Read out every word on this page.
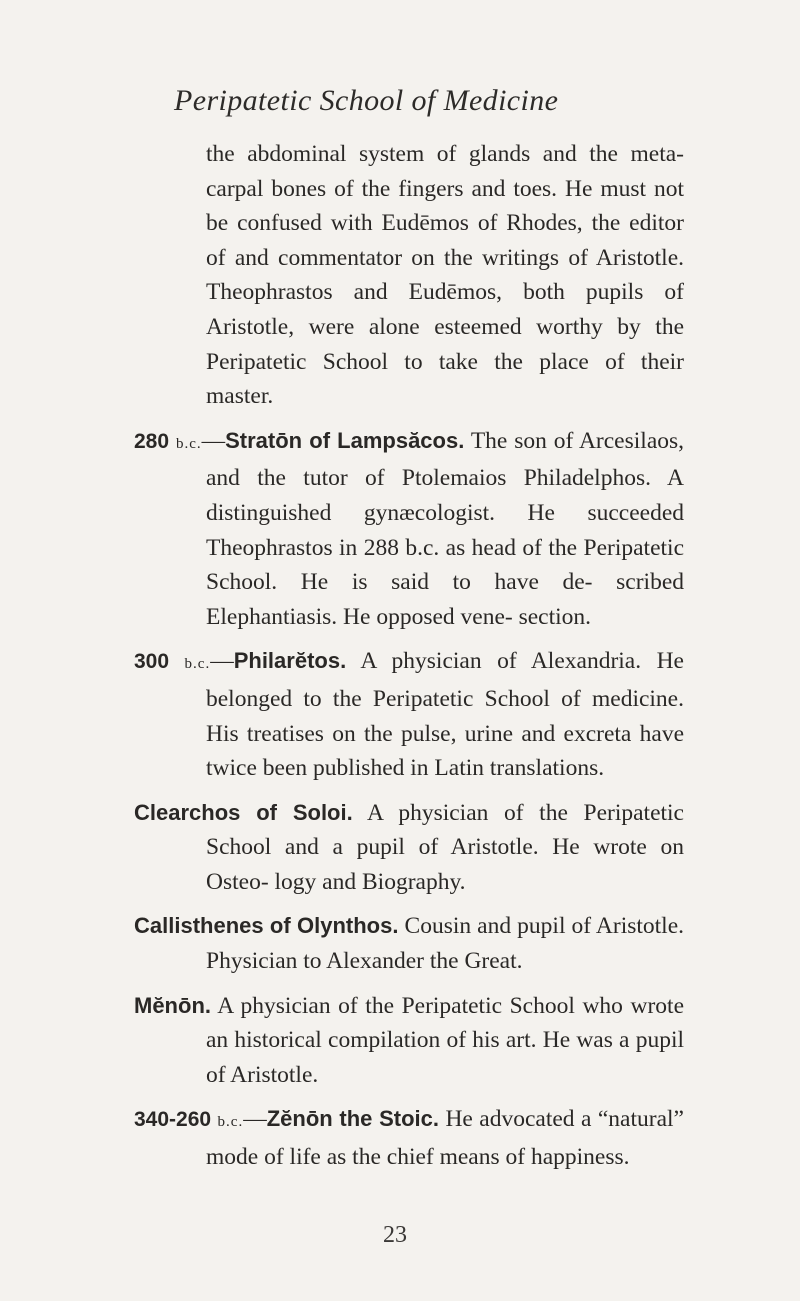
Peripatetic School of Medicine

the abdominal system of glands and the meta- carpal bones of the fingers and toes. He must not be confused with Eudēmos of Rhodes, the editor of and commentator on the writings of Aristotle. Theophrastos and Eudēmos, both pupils of Aristotle, were alone esteemed worthy by the Peripatetic School to take the place of their master.

280 b.c.—Stratōn of Lampsăcos. The son of Arcesilaos, and the tutor of Ptolemaios Philadelphos. A distinguished gynæcologist. He succeeded Theophrastos in 288 b.c. as head of the Peripatetic School. He is said to have de- scribed Elephantiasis. He opposed vene- section.

300 b.c.—Philarĕtos. A physician of Alexandria. He belonged to the Peripatetic School of medicine. His treatises on the pulse, urine and excreta have twice been published in Latin translations.

Clearchos of Soloi. A physician of the Peripatetic School and a pupil of Aristotle. He wrote on Osteo- logy and Biography.

Callisthenes of Olynthos. Cousin and pupil of Aristotle. Physician to Alexander the Great.

Mĕnōn. A physician of the Peripatetic School who wrote an historical compilation of his art. He was a pupil of Aristotle.

340-260 b.c.—Zĕnōn the Stoic. He advocated a “natural” mode of life as the chief means of happiness.

23
